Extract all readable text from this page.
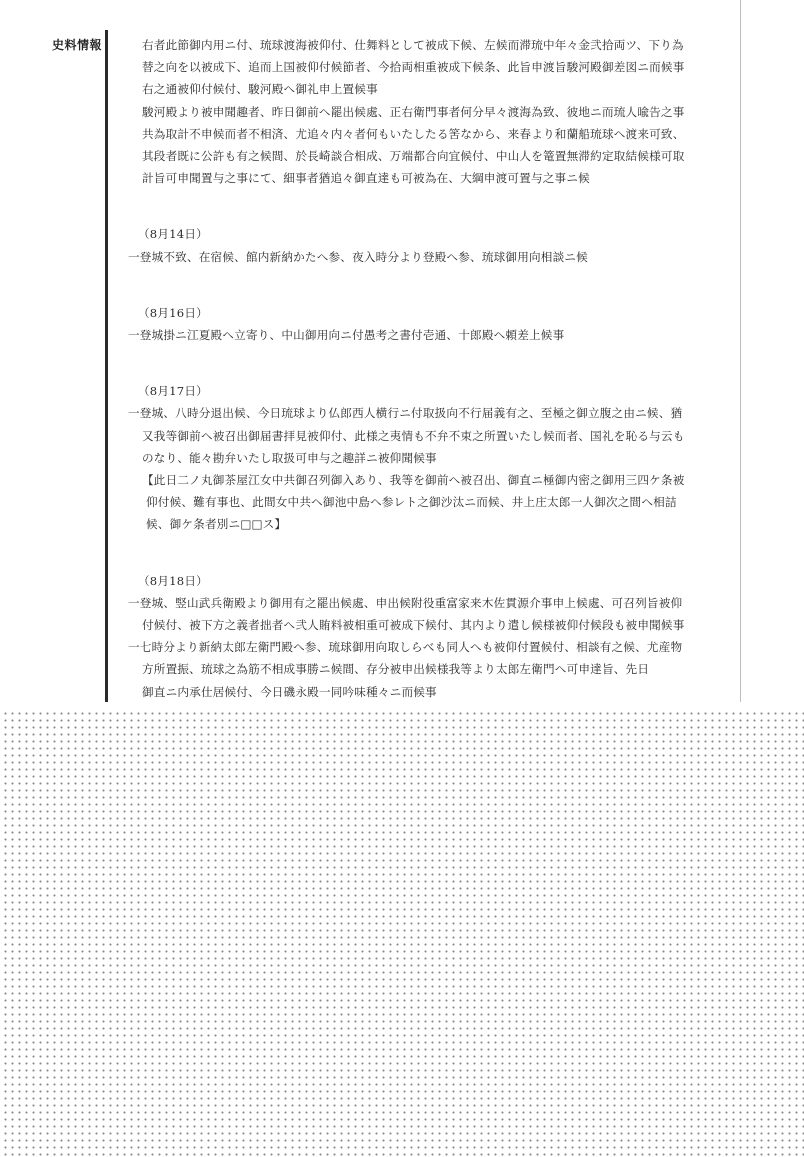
史料情報	右者此節御内用ニ付、琉球渡海被仰付、仕舞料として被成下候、左候而滞琉中年々金弐拾両ツ、下り為
替之向を以被成下、追而上国被仰付候節者、今拾両相重被成下候条、此旨申渡旨駿河殿御差図ニ而候事
右之通被仰付候付、駿河殿へ御礼申上置候事
駿河殿より被申聞趣者、昨日御前へ罷出候處、正右衛門事者何分早々渡海為致、彼地ニ而琉人喩告之事
共為取計不申候而者不相済、尤追々内々者何もいたしたる筈なから、来春より和蘭船琉球へ渡来可致、
其段者既に公許も有之候間、於長崎談合相成、万端都合向宜候付、中山人を篭置無滞約定取結候様可取
計旨可申聞置与之事にて、細事者猶追々御直達も可被為在、大綱申渡可置与之事ニ候
（8月14日）
一登城不致、在宿候、館内新納かたへ参、夜入時分より登殿へ参、琉球御用向相談ニ候
（8月16日）
一登城掛ニ江夏殿へ立寄り、中山御用向ニ付愚考之書付壱通、十郎殿へ頼差上候事
（8月17日）
一登城、八時分退出候、今日琉球より仏郎西人横行ニ付取扱向不行届義有之、至極之御立腹之由ニ候、猶
又我等御前へ被召出御届書拝見被仰付、此様之夷情も不弁不束之所置いたし候而者、国礼を恥る与云も
のなり、能々勘弁いたし取扱可申与之趣詳ニ被仰聞候事
【此日二ノ丸御茶屋江女中共御召列御入あり、我等を御前へ被召出、御直ニ極御内密之御用三四ケ条被
仰付候、難有事也、此間女中共へ御池中島へ参レト之御沙汰ニ而候、井上庄太郎一人御次之間へ相詰
候、御ケ条者別ニ□□ス】
（8月18日）
一登城、竪山武兵衛殿より御用有之罷出候處、申出候附役重富家来木佐貫源介事申上候處、可召列旨被仰
付候付、被下方之義者拙者へ弐人賄料被相重可被成下候付、其内より遣し候様被仰付候段も被申聞候事
一七時分より新納太郎左衛門殿へ参、琉球御用向取しらべも同人へも被仰付置候付、相談有之候、尤産物
方所置振、琉球之為筋不相成事勝ニ候間、存分被申出候様我等より太郎左衛門へ可申達旨、先日
御直ニ内承仕居候付、今日磯永殿一同吟味種々ニ而候事
